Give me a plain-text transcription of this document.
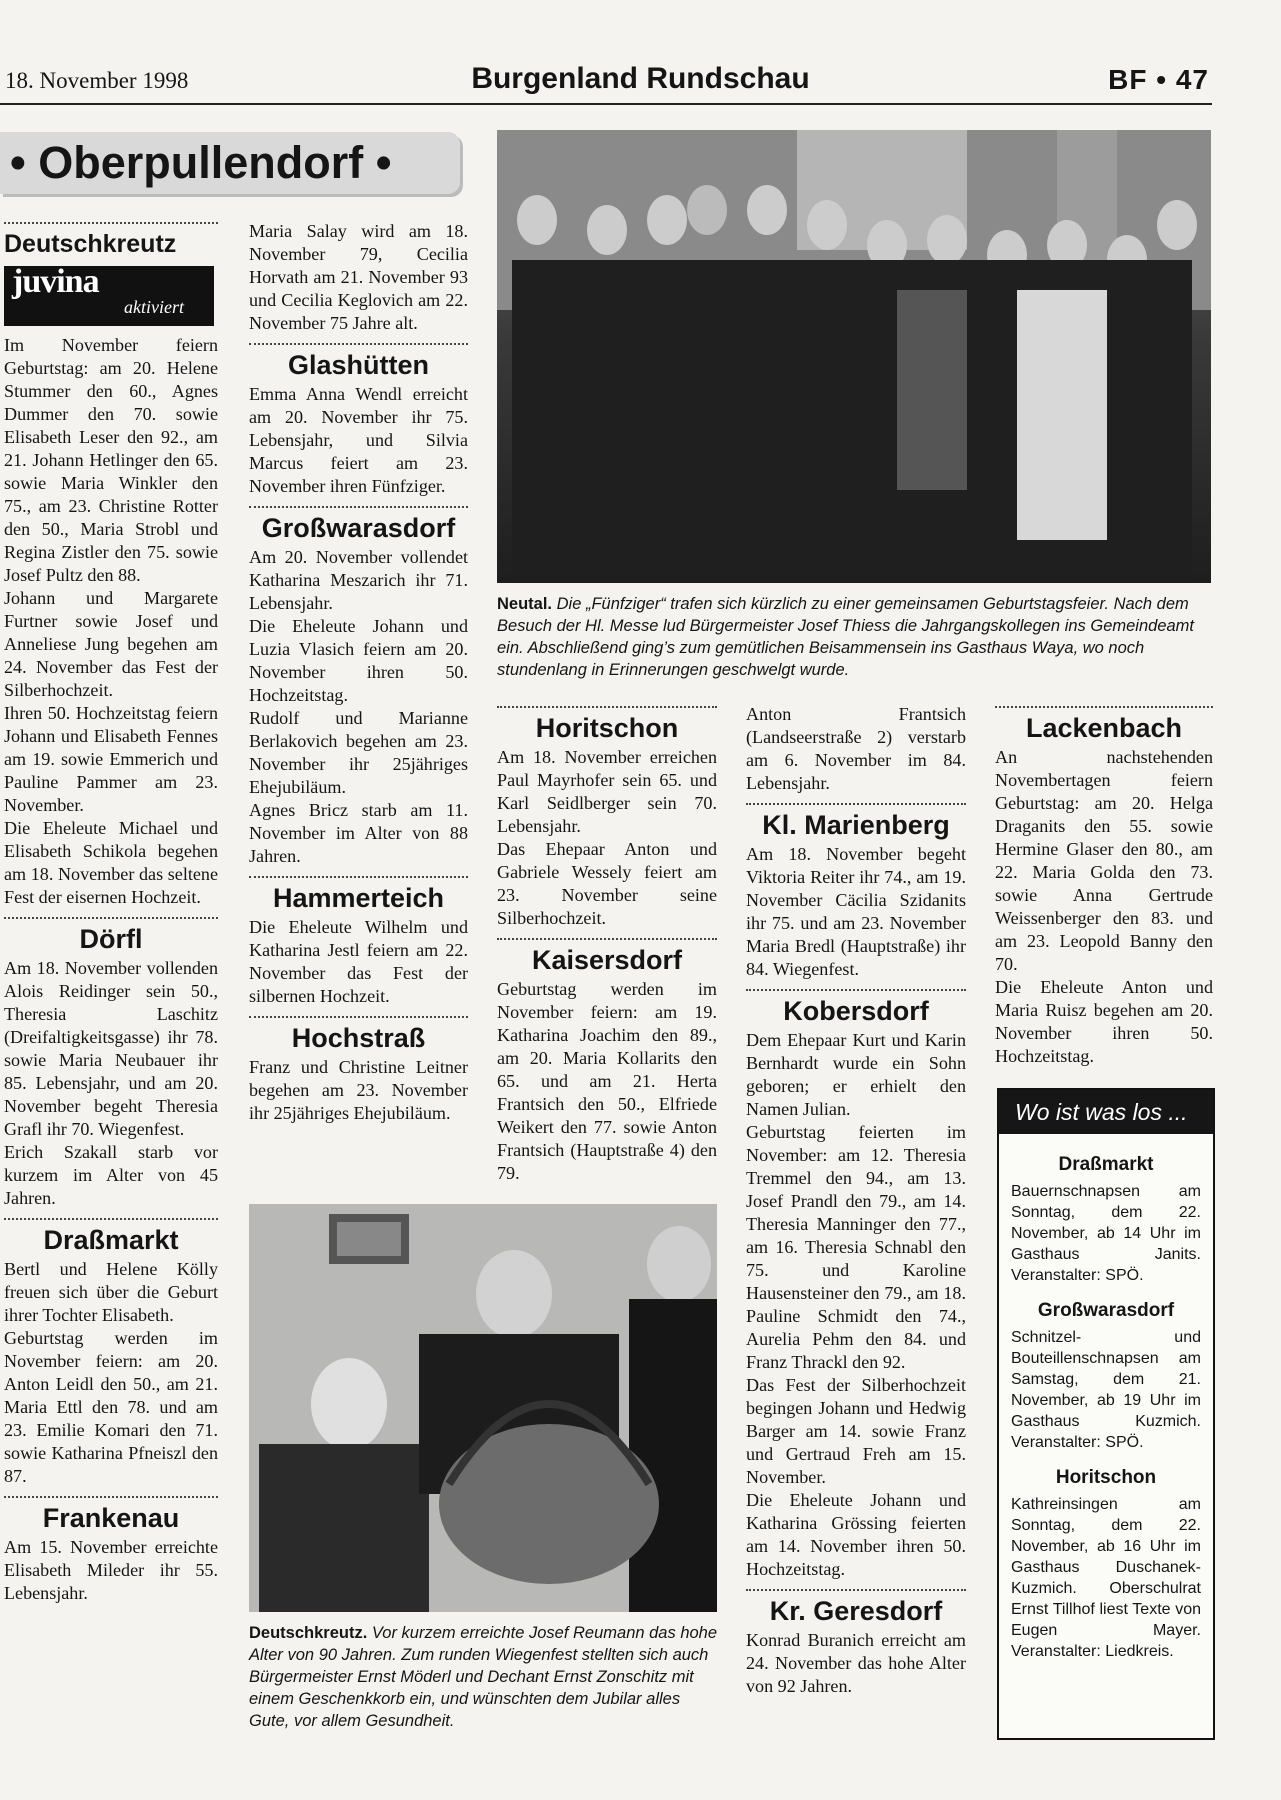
18. November 1998	Burgenland Rundschau	BF • 47
• Oberpullendorf •
Deutschkreutz
juvina
aktiviert

Im November feiern Geburtstag: am 20. Helene Stummer den 60., Agnes Dummer den 70. sowie Elisabeth Leser den 92., am 21. Johann Hetlinger den 65. sowie Maria Winkler den 75., am 23. Christine Rotter den 50., Maria Strobl und Regina Zistler den 75. sowie Josef Pultz den 88.

Johann und Margarete Furtner sowie Josef und Anneliese Jung begehen am 24. November das Fest der Silberhochzeit.

Ihren 50. Hochzeitstag feiern Johann und Elisabeth Fennes am 19. sowie Emmerich und Pauline Pammer am 23. November.

Die Eheleute Michael und Elisabeth Schikola begehen am 18. November das seltene Fest der eisernen Hochzeit.

Dörfl

Am 18. November vollenden Alois Reidinger sein 50., Theresia Laschitz (Dreifaltigkeitsgasse) ihr 78. sowie Maria Neubauer ihr 85. Lebensjahr, und am 20. November begeht Theresia Grafl ihr 70. Wiegenfest.

Erich Szakall starb vor kurzem im Alter von 45 Jahren.

Draßmarkt

Bertl und Helene Kölly freuen sich über die Geburt ihrer Tochter Elisabeth.

Geburtstag werden im November feiern: am 20. Anton Leidl den 50., am 21. Maria Ettl den 78. und am 23. Emilie Komari den 71. sowie Katharina Pfneiszl den 87.

Frankenau

Am 15. November erreichte Elisabeth Mileder ihr 55. Lebensjahr.

Maria Salay wird am 18. November 79, Cecilia Horvath am 21. November 93 und Cecilia Keglovich am 22. November 75 Jahre alt.

Glashütten

Emma Anna Wendl erreicht am 20. November ihr 75. Lebensjahr, und Silvia Marcus feiert am 23. November ihren Fünfziger.

Großwarasdorf

Am 20. November vollendet Katharina Meszarich ihr 71. Lebensjahr.

Die Eheleute Johann und Luzia Vlasich feiern am 20. November ihren 50. Hochzeitstag.

Rudolf und Marianne Berlakovich begehen am 23. November ihr 25jähriges Ehejubiläum.

Agnes Bricz starb am 11. November im Alter von 88 Jahren.

Hammerteich

Die Eheleute Wilhelm und Katharina Jestl feiern am 22. November das Fest der silbernen Hochzeit.

Hochstraß

Franz und Christine Leitner begehen am 23. November ihr 25jähriges Ehejubiläum.

Neutal. Die „Fünfziger“ trafen sich kürzlich zu einer gemeinsamen Geburtstagsfeier. Nach dem Besuch der Hl. Messe lud Bürgermeister Josef Thiess die Jahrgangskollegen ins Gemeindeamt ein. Abschließend ging’s zum gemütlichen Beisammensein ins Gasthaus Waya, wo noch stundenlang in Erinnerungen geschwelgt wurde.
Horitschon

Am 18. November erreichen Paul Mayrhofer sein 65. und Karl Seidlberger sein 70. Lebensjahr.

Das Ehepaar Anton und Gabriele Wessely feiert am 23. November seine Silberhochzeit.

Kaisersdorf

Geburtstag werden im November feiern: am 19. Katharina Joachim den 89., am 20. Maria Kollarits den 65. und am 21. Herta Frantsich den 50., Elfriede Weikert den 77. sowie Anton Frantsich (Hauptstraße 4) den 79.

Anton Frantsich (Landseerstraße 2) verstarb am 6. November im 84. Lebensjahr.

Kl. Marienberg

Am 18. November begeht Viktoria Reiter ihr 74., am 19. November Cäcilia Szidanits ihr 75. und am 23. November Maria Bredl (Hauptstraße) ihr 84. Wiegenfest.

Kobersdorf

Dem Ehepaar Kurt und Karin Bernhardt wurde ein Sohn geboren; er erhielt den Namen Julian.

Geburtstag feierten im November: am 12. Theresia Tremmel den 94., am 13. Josef Prandl den 79., am 14. Theresia Manninger den 77., am 16. Theresia Schnabl den 75. und Karoline Hausensteiner den 79., am 18. Pauline Schmidt den 74., Aurelia Pehm den 84. und Franz Thrackl den 92.

Das Fest der Silberhochzeit begingen Johann und Hedwig Barger am 14. sowie Franz und Gertraud Freh am 15. November.

Die Eheleute Johann und Katharina Grössing feierten am 14. November ihren 50. Hochzeitstag.

Kr. Geresdorf

Konrad Buranich erreicht am 24. November das hohe Alter von 92 Jahren.

Lackenbach

An nachstehenden Novembertagen feiern Geburtstag: am 20. Helga Draganits den 55. sowie Hermine Glaser den 80., am 22. Maria Golda den 73. sowie Anna Gertrude Weissenberger den 83. und am 23. Leopold Banny den 70.

Die Eheleute Anton und Maria Ruisz begehen am 20. November ihren 50. Hochzeitstag.

Wo ist was los ...
Draßmarkt

Bauernschnapsen am Sonntag, dem 22. November, ab 14 Uhr im Gasthaus Janits. Veranstalter: SPÖ.

Großwarasdorf

Schnitzel- und Bouteillenschnapsen am Samstag, dem 21. November, ab 19 Uhr im Gasthaus Kuzmich. Veranstalter: SPÖ.

Horitschon

Kathreinsingen am Sonntag, dem 22. November, ab 16 Uhr im Gasthaus Duschanek-Kuzmich. Oberschulrat Ernst Tillhof liest Texte von Eugen Mayer. Veranstalter: Liedkreis.

Deutschkreutz. Vor kurzem erreichte Josef Reumann das hohe Alter von 90 Jahren. Zum runden Wiegenfest stellten sich auch Bürgermeister Ernst Möderl und Dechant Ernst Zonschitz mit einem Geschenkkorb ein, und wünschten dem Jubilar alles Gute, vor allem Gesundheit.
